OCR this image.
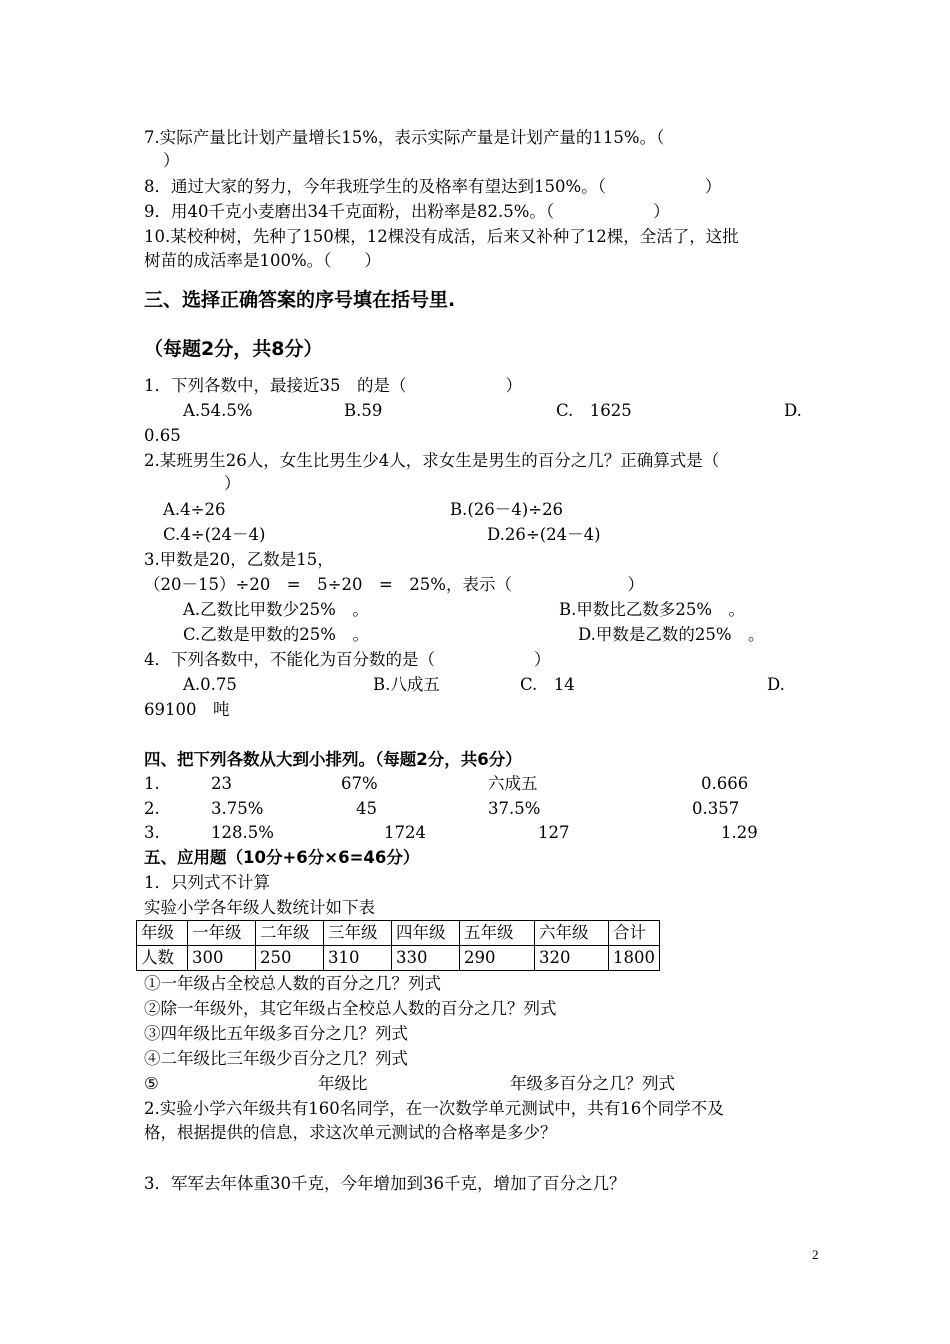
7.实际产量比计划产量增长15%，表示实际产量是计划产量的115%。（
）
8．通过大家的努力，今年我班学生的及格率有望达到150%。（　　　　　　）
9．用40千克小麦磨出34千克面粉，出粉率是82.5%。（　　　　　　）
10.某校种树，先种了150棵，12棵没有成活，后来又补种了12棵，全活了，这批
树苗的成活率是100%。（　　）
三、选择正确答案的序号填在括号里.
（每题2分，共8分）
1．下列各数中，最接近35　的是（　　　　　　）
A.54.5%	B.59	C.　1625	D.
0.65
2.某班男生26人，女生比男生少4人，求女生是男生的百分之几？正确算式是（
）
A.4÷26	B.(26－4)÷26
C.4÷(24－4)	D.26÷(24－4)
3.甲数是20，乙数是15，
（20－15）÷20　=　5÷20　=　25%，表示（　　　　　　　）
A.乙数比甲数少25%　。	B.甲数比乙数多25%　。
C.乙数是甲数的25%　。	D.甲数是乙数的25%　。
4．下列各数中，不能化为百分数的是（　　　　　　）
A.0.75	B.八成五	C.　14	D.
69100　吨
四、把下列各数从大到小排列。（每题2分，共6分）
1.	23	67%	六成五	0.666
2.	3.75%	45	37.5%	0.357
3.	128.5%	1724	127	1.29
五、应用题（10分+6分×6=46分）
1．只列式不计算
实验小学各年级人数统计如下表
年级	一年级	二年级	三年级	四年级	五年级	六年级	合计
人数	300	250	310	330	290	320	1800
①一年级占全校总人数的百分之几？列式
②除一年级外，其它年级占全校总人数的百分之几？列式
③四年级比五年级多百分之几？列式
④二年级比三年级少百分之几？列式
⑤	年级比	年级多百分之几？列式
2.实验小学六年级共有160名同学，在一次数学单元测试中，共有16个同学不及
格，根据提供的信息，求这次单元测试的合格率是多少？
3．军军去年体重30千克，今年增加到36千克，增加了百分之几？
2
